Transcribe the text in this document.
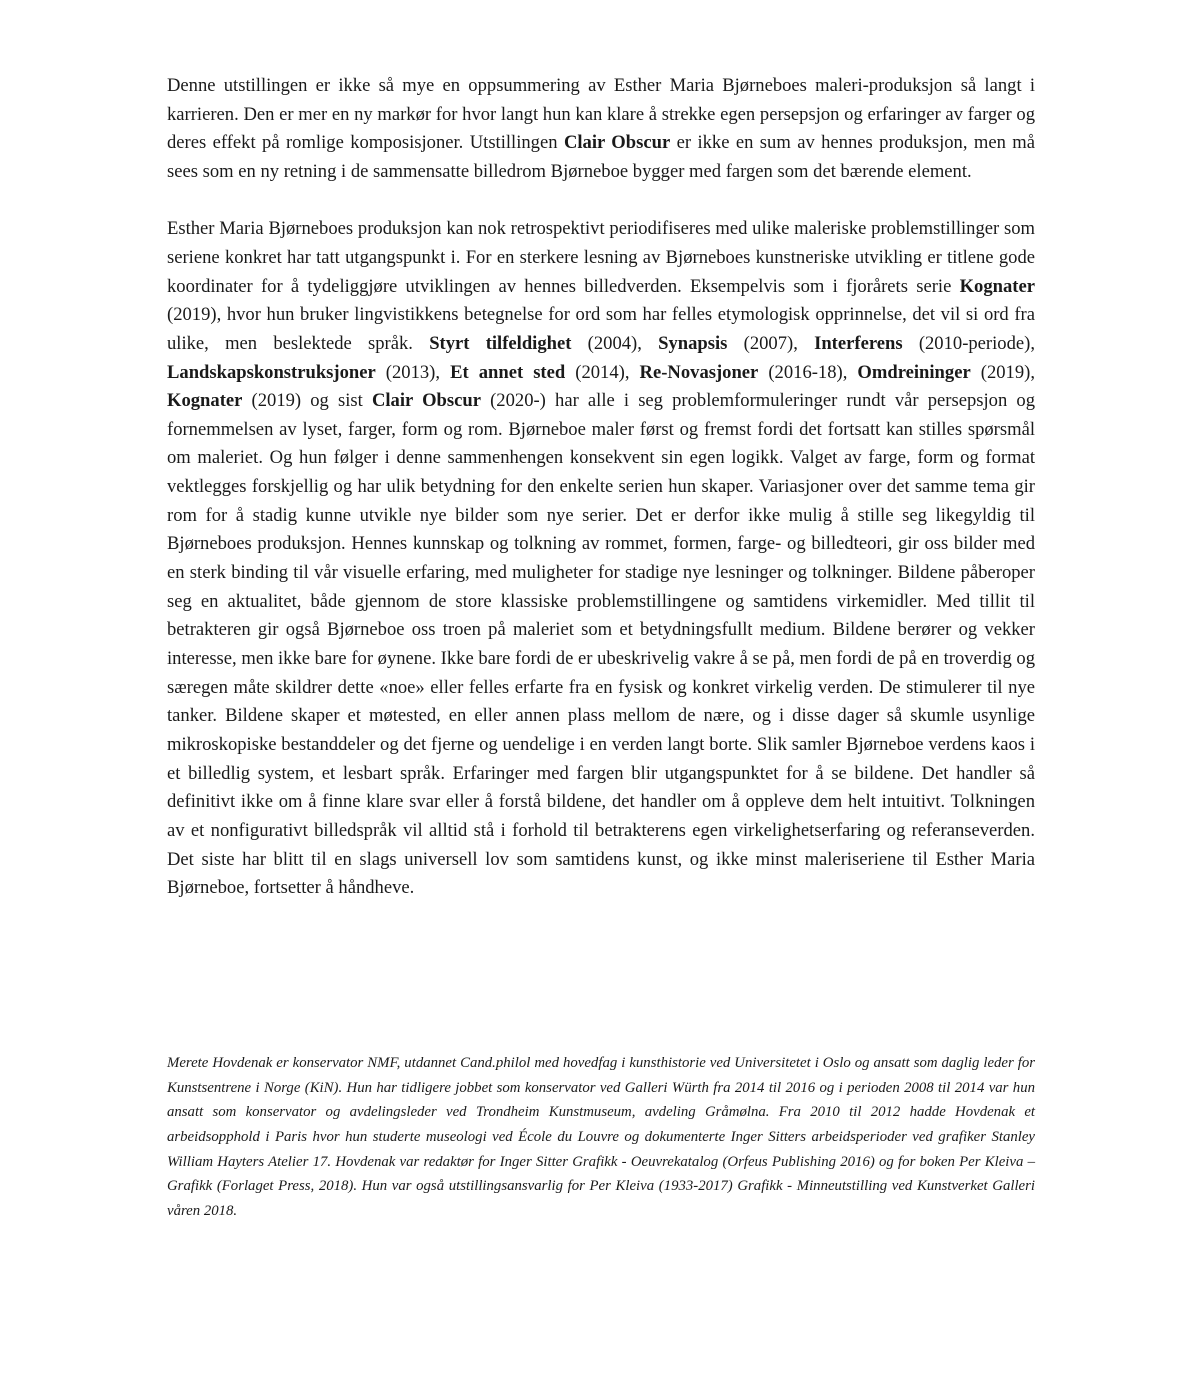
Denne utstillingen er ikke så mye en oppsummering av Esther Maria Bjørneboes maleri-produksjon så langt i karrieren. Den er mer en ny markør for hvor langt hun kan klare å strekke egen persepsjon og erfaringer av farger og deres effekt på romlige komposisjoner. Utstillingen Clair Obscur er ikke en sum av hennes produksjon, men må sees som en ny retning i de sammensatte billedrom Bjørneboe bygger med fargen som det bærende element.

Esther Maria Bjørneboes produksjon kan nok retrospektivt periodifiseres med ulike maleriske problemstillinger som seriene konkret har tatt utgangspunkt i. For en sterkere lesning av Bjørneboes kunstneriske utvikling er titlene gode koordinater for å tydeliggjøre utviklingen av hennes billedverden. Eksempelvis som i fjorårets serie Kognater (2019), hvor hun bruker lingvistikkens betegnelse for ord som har felles etymologisk opprinnelse, det vil si ord fra ulike, men beslektede språk. Styrt tilfeldighet (2004), Synapsis (2007), Interferens (2010-periode), Landskapskonstruksjoner (2013), Et annet sted (2014), Re-Novasjoner (2016-18), Omdreininger (2019), Kognater (2019) og sist Clair Obscur (2020-) har alle i seg problemformuleringer rundt vår persepsjon og fornemmelsen av lyset, farger, form og rom. Bjørneboe maler først og fremst fordi det fortsatt kan stilles spørsmål om maleriet. Og hun følger i denne sammenhengen konsekvent sin egen logikk. Valget av farge, form og format vektlegges forskjellig og har ulik betydning for den enkelte serien hun skaper. Variasjoner over det samme tema gir rom for å stadig kunne utvikle nye bilder som nye serier. Det er derfor ikke mulig å stille seg likegyldig til Bjørneboes produksjon. Hennes kunnskap og tolkning av rommet, formen, farge- og billedteori, gir oss bilder med en sterk binding til vår visuelle erfaring, med muligheter for stadige nye lesninger og tolkninger. Bildene påberoper seg en aktualitet, både gjennom de store klassiske problemstillingene og samtidens virkemidler. Med tillit til betrakteren gir også Bjørneboe oss troen på maleriet som et betydningsfullt medium. Bildene berører og vekker interesse, men ikke bare for øynene. Ikke bare fordi de er ubeskrivelig vakre å se på, men fordi de på en troverdig og særegen måte skildrer dette «noe» eller felles erfarte fra en fysisk og konkret virkelig verden. De stimulerer til nye tanker. Bildene skaper et møtested, en eller annen plass mellom de nære, og i disse dager så skumle usynlige mikroskopiske bestanddeler og det fjerne og uendelige i en verden langt borte. Slik samler Bjørneboe verdens kaos i et billedlig system, et lesbart språk. Erfaringer med fargen blir utgangspunktet for å se bildene. Det handler så definitivt ikke om å finne klare svar eller å forstå bildene, det handler om å oppleve dem helt intuitivt. Tolkningen av et nonfigurativt billedspråk vil alltid stå i forhold til betrakterens egen virkelighetserfaring og referanseverden. Det siste har blitt til en slags universell lov som samtidens kunst, og ikke minst maleriseriene til Esther Maria Bjørneboe, fortsetter å håndheve.

Merete Hovdenak er konservator NMF, utdannet Cand.philol med hovedfag i kunsthistorie ved Universitetet i Oslo og ansatt som daglig leder for Kunstsentrene i Norge (KiN). Hun har tidligere jobbet som konservator ved Galleri Würth fra 2014 til 2016 og i perioden 2008 til 2014 var hun ansatt som konservator og avdelingsleder ved Trondheim Kunstmuseum, avdeling Gråmølna. Fra 2010 til 2012 hadde Hovdenak et arbeidsopphold i Paris hvor hun studerte museologi ved École du Louvre og dokumenterte Inger Sitters arbeidsperioder ved grafiker Stanley William Hayters Atelier 17. Hovdenak var redaktør for Inger Sitter Grafikk - Oeuvrekatalog (Orfeus Publishing 2016) og for boken Per Kleiva – Grafikk (Forlaget Press, 2018). Hun var også utstillingsansvarlig for Per Kleiva (1933-2017) Grafikk - Minneutstilling ved Kunstverket Galleri våren 2018.
